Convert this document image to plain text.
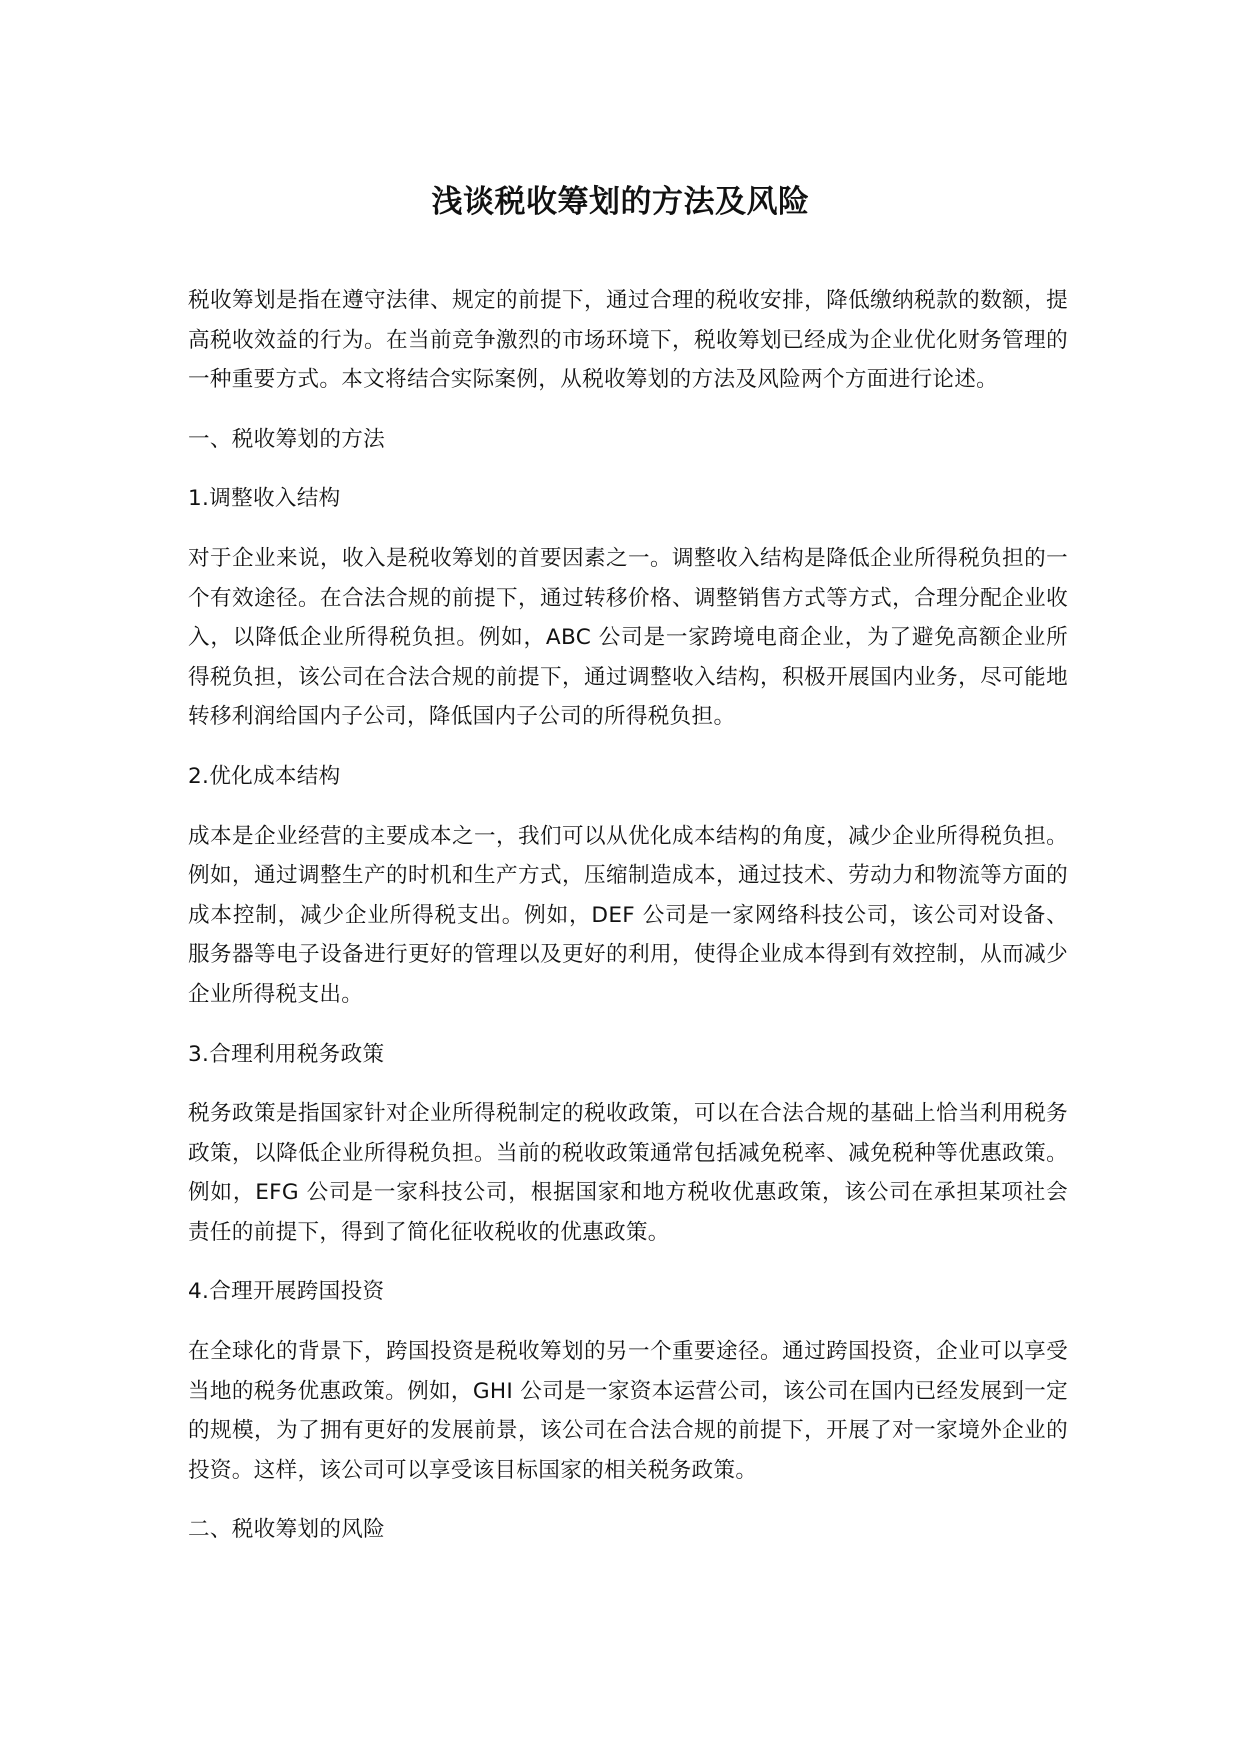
浅谈税收筹划的方法及风险

税收筹划是指在遵守法律、规定的前提下，通过合理的税收安排，降低缴纳税款的数额，提高税收效益的行为。在当前竞争激烈的市场环境下，税收筹划已经成为企业优化财务管理的一种重要方式。本文将结合实际案例，从税收筹划的方法及风险两个方面进行论述。

一、税收筹划的方法

1.调整收入结构

对于企业来说，收入是税收筹划的首要因素之一。调整收入结构是降低企业所得税负担的一个有效途径。在合法合规的前提下，通过转移价格、调整销售方式等方式，合理分配企业收入，以降低企业所得税负担。例如，ABC 公司是一家跨境电商企业，为了避免高额企业所得税负担，该公司在合法合规的前提下，通过调整收入结构，积极开展国内业务，尽可能地转移利润给国内子公司，降低国内子公司的所得税负担。

2.优化成本结构

成本是企业经营的主要成本之一，我们可以从优化成本结构的角度，减少企业所得税负担。例如，通过调整生产的时机和生产方式，压缩制造成本，通过技术、劳动力和物流等方面的成本控制，减少企业所得税支出。例如，DEF 公司是一家网络科技公司，该公司对设备、服务器等电子设备进行更好的管理以及更好的利用，使得企业成本得到有效控制，从而减少企业所得税支出。

3.合理利用税务政策

税务政策是指国家针对企业所得税制定的税收政策，可以在合法合规的基础上恰当利用税务政策，以降低企业所得税负担。当前的税收政策通常包括减免税率、减免税种等优惠政策。例如，EFG 公司是一家科技公司，根据国家和地方税收优惠政策，该公司在承担某项社会责任的前提下，得到了简化征收税收的优惠政策。

4.合理开展跨国投资

在全球化的背景下，跨国投资是税收筹划的另一个重要途径。通过跨国投资，企业可以享受当地的税务优惠政策。例如，GHI 公司是一家资本运营公司，该公司在国内已经发展到一定的规模，为了拥有更好的发展前景，该公司在合法合规的前提下，开展了对一家境外企业的投资。这样，该公司可以享受该目标国家的相关税务政策。

二、税收筹划的风险
